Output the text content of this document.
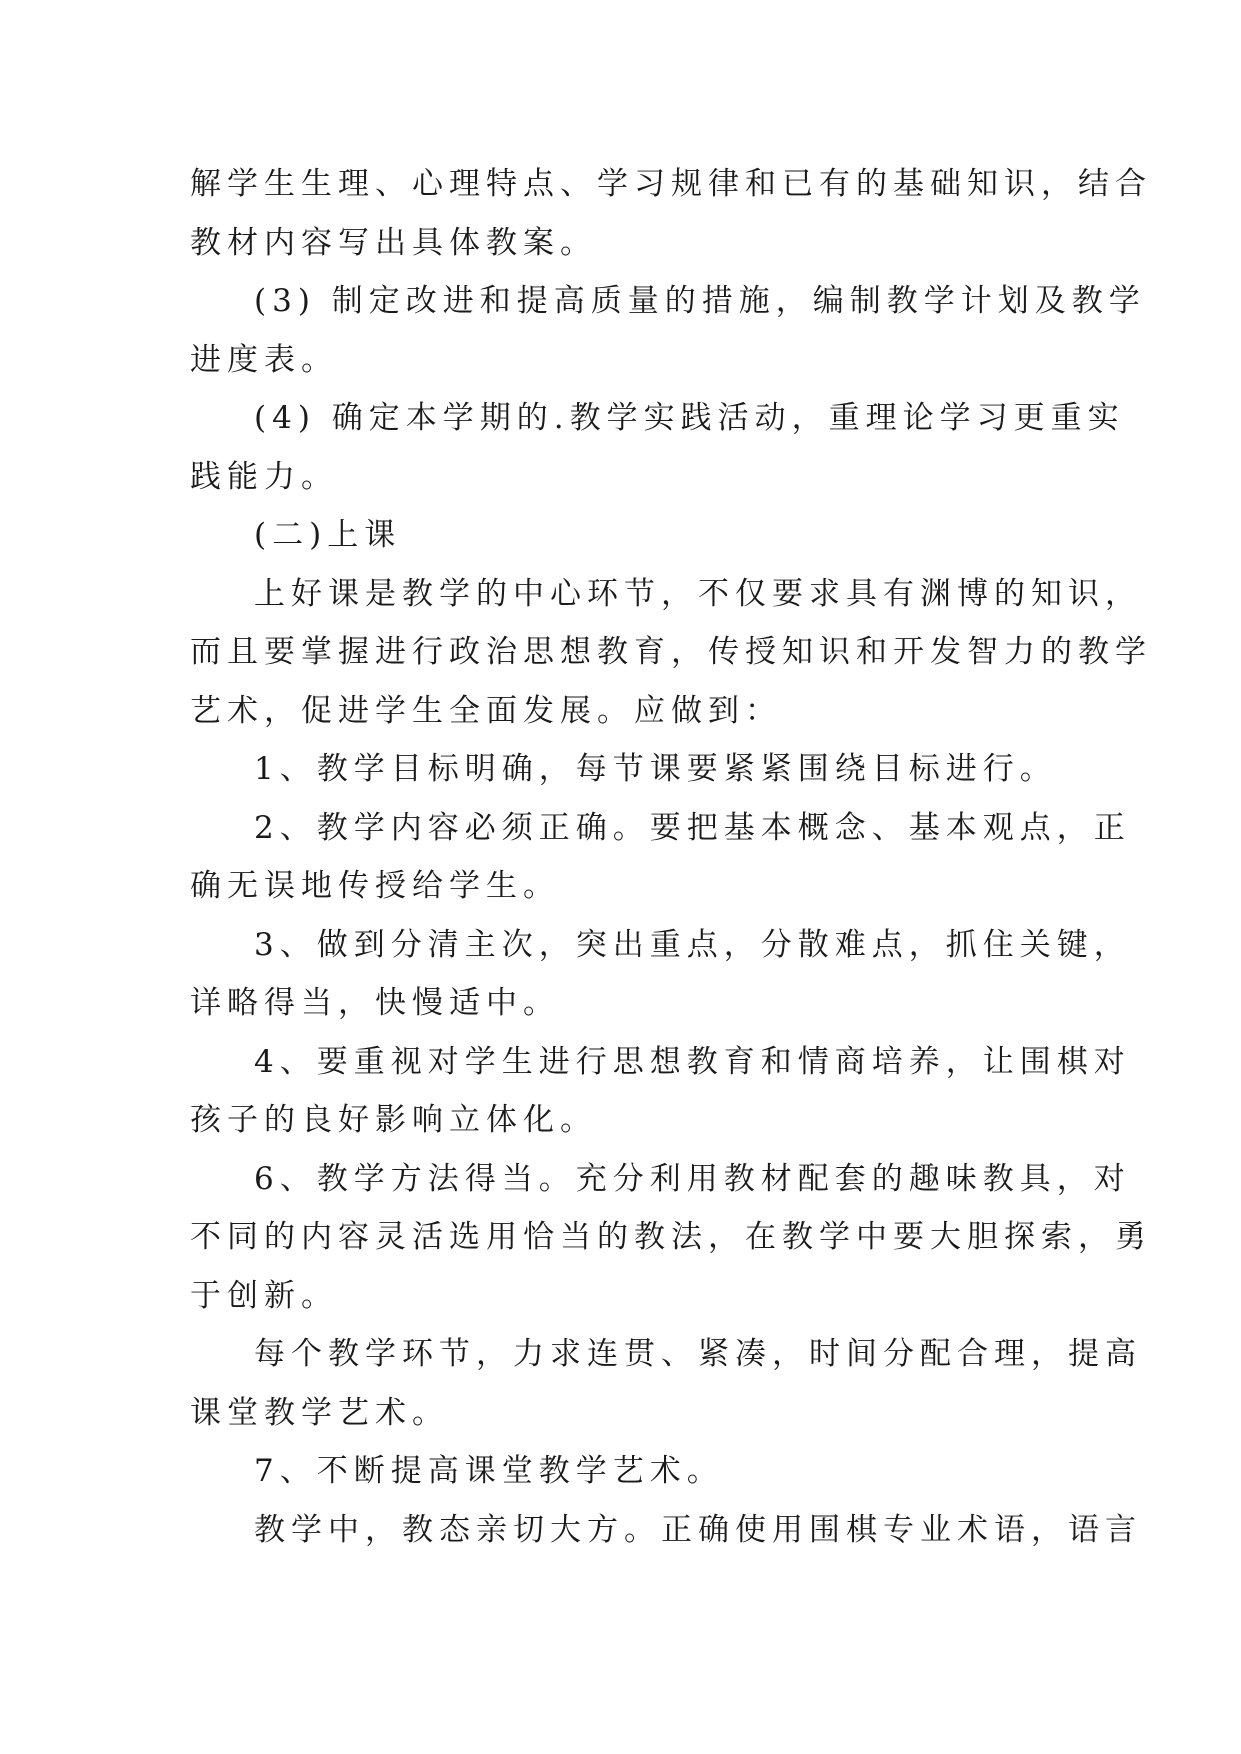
解学生生理、心理特点、学习规律和已有的基础知识，结合
教材内容写出具体教案。
(3) 制定改进和提高质量的措施，编制教学计划及教学
进度表。
(4) 确定本学期的.教学实践活动，重理论学习更重实
践能力。
(二)上课
上好课是教学的中心环节，不仅要求具有渊博的知识，
而且要掌握进行政治思想教育，传授知识和开发智力的教学
艺术，促进学生全面发展。应做到：
1、教学目标明确，每节课要紧紧围绕目标进行。
2、教学内容必须正确。要把基本概念、基本观点，正
确无误地传授给学生。
3、做到分清主次，突出重点，分散难点，抓住关键，
详略得当，快慢适中。
4、要重视对学生进行思想教育和情商培养，让围棋对
孩子的良好影响立体化。
6、教学方法得当。充分利用教材配套的趣味教具，对
不同的内容灵活选用恰当的教法，在教学中要大胆探索，勇
于创新。
每个教学环节，力求连贯、紧凑，时间分配合理，提高
课堂教学艺术。
7、不断提高课堂教学艺术。
教学中，教态亲切大方。正确使用围棋专业术语，语言
